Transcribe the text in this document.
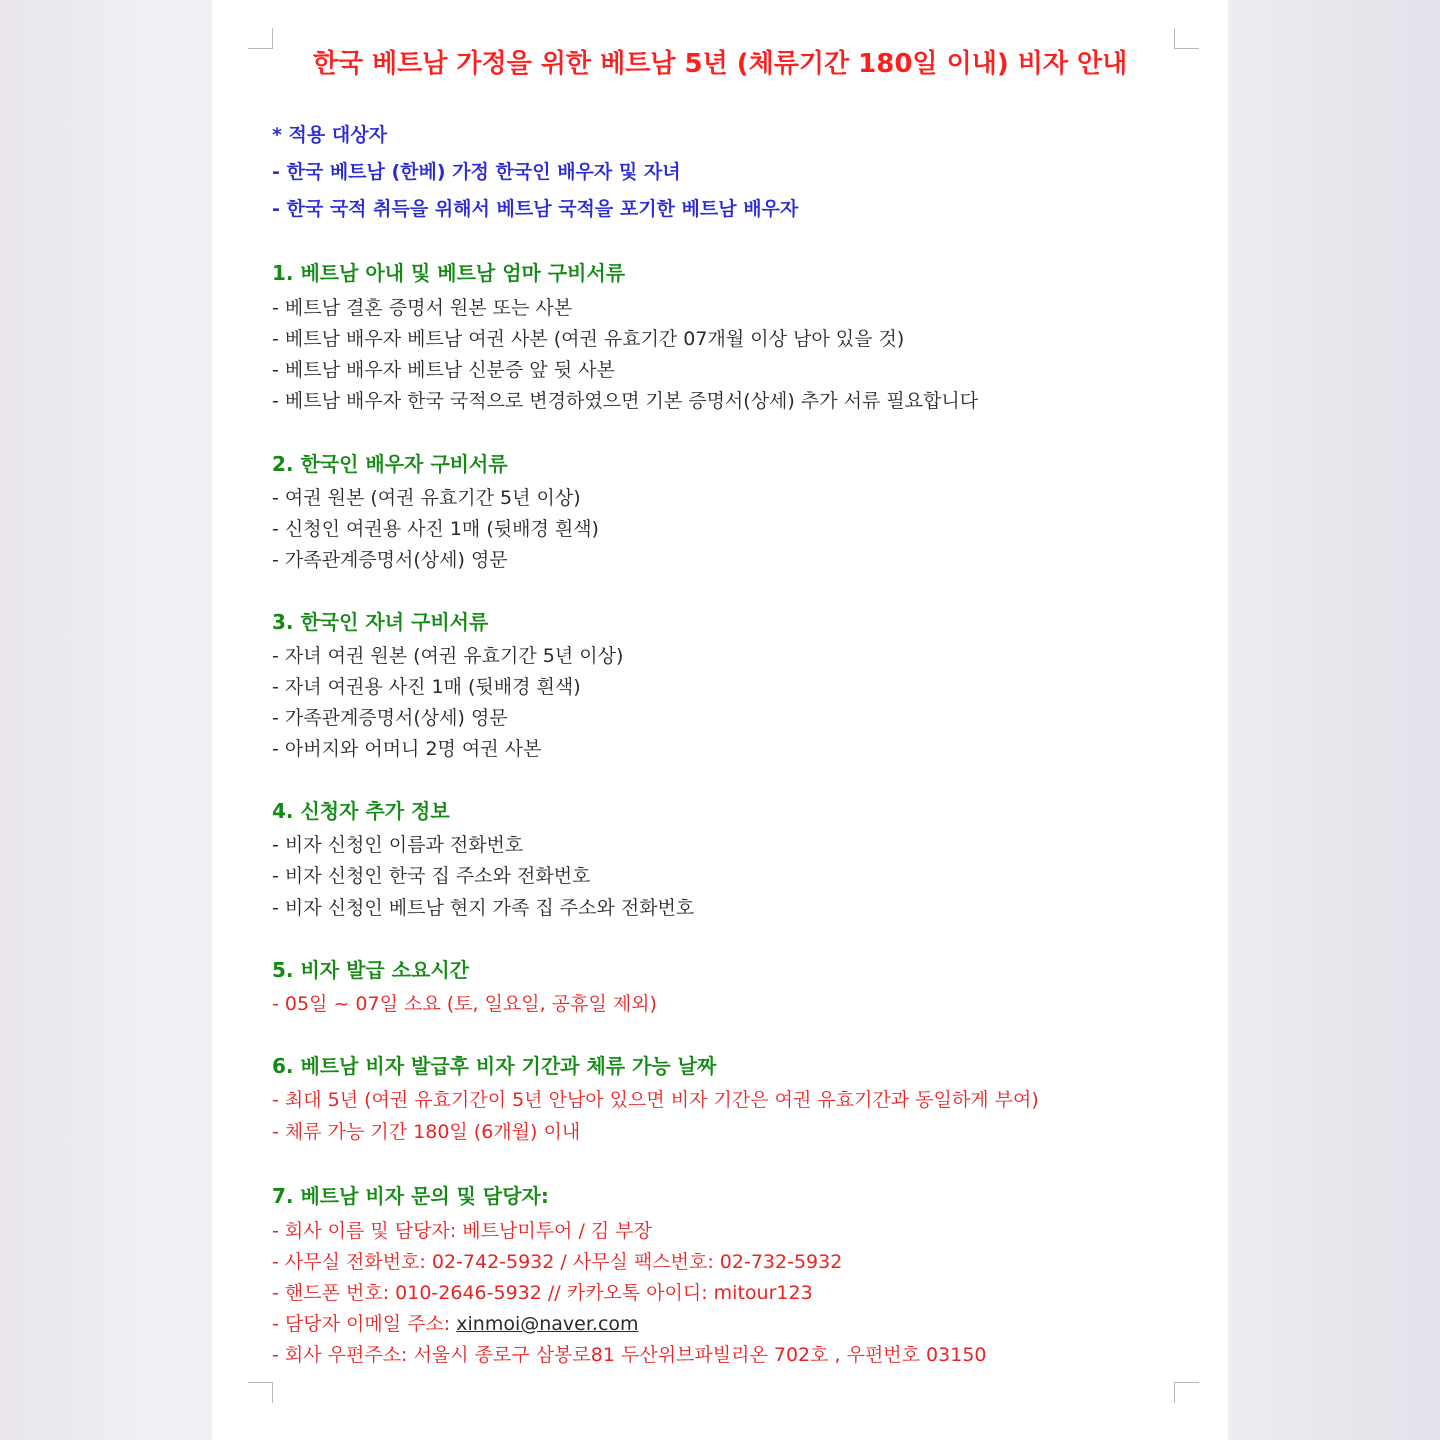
한국 베트남 가정을 위한 베트남 5년 (체류기간 180일 이내) 비자 안내
* 적용 대상자
- 한국 베트남 (한베) 가정 한국인 배우자 및 자녀
- 한국 국적 취득을 위해서 베트남 국적을 포기한 베트남 배우자
1. 베트남 아내 및 베트남 엄마 구비서류
- 베트남 결혼 증명서 원본 또는 사본
- 베트남 배우자 베트남 여권 사본 (여권 유효기간 07개월 이상 남아 있을 것)
- 베트남 배우자 베트남 신분증 앞 뒷 사본
- 베트남 배우자 한국 국적으로 변경하였으면 기본 증명서(상세) 추가 서류 필요합니다
2. 한국인 배우자 구비서류
- 여권 원본 (여권 유효기간 5년 이상)
- 신청인 여권용 사진 1매 (뒷배경 흰색)
- 가족관계증명서(상세) 영문
3. 한국인 자녀 구비서류
- 자녀 여권 원본 (여권 유효기간 5년 이상)
- 자녀 여권용 사진 1매 (뒷배경 흰색)
- 가족관계증명서(상세) 영문
- 아버지와 어머니 2명 여권 사본
4. 신청자 추가 정보
- 비자 신청인 이름과 전화번호
- 비자 신청인 한국 집 주소와 전화번호
- 비자 신청인 베트남 현지 가족 집 주소와 전화번호
5. 비자 발급 소요시간
- 05일 ~ 07일 소요 (토, 일요일, 공휴일 제외)
6. 베트남 비자 발급후 비자 기간과 체류 가능 날짜
- 최대 5년 (여권 유효기간이 5년 안남아 있으면 비자 기간은 여권 유효기간과 동일하게 부여)
- 체류 가능 기간 180일 (6개월) 이내
7. 베트남 비자 문의 및 담당자:
- 회사 이름 및 담당자: 베트남미투어 / 김 부장
- 사무실 전화번호: 02-742-5932 / 사무실 팩스번호: 02-732-5932
- 핸드폰 번호: 010-2646-5932 // 카카오톡 아이디: mitour123
- 담당자 이메일 주소: xinmoi@naver.com
- 회사 우편주소: 서울시 종로구 삼봉로81 두산위브파빌리온 702호 , 우편번호 03150
